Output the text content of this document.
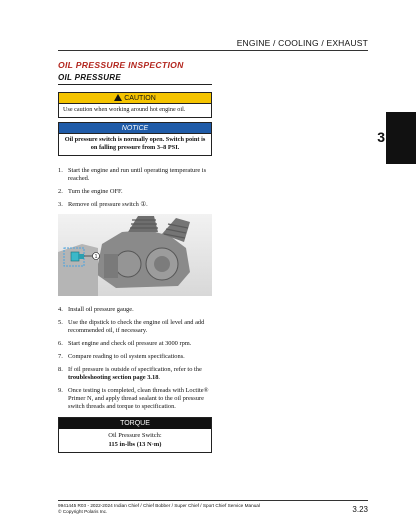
ENGINE / COOLING / EXHAUST
3
OIL PRESSURE INSPECTION
OIL PRESSURE
CAUTION
Use caution when working around hot engine oil.
NOTICE
Oil pressure switch is normally open. Switch point is on falling pressure from 3–8 PSI.
1. Start the engine and run until operating temperature is reached.
2. Turn the engine OFF.
3. Remove oil pressure switch ①.
1
4. Install oil pressure gauge.
5. Use the dipstick to check the engine oil level and add recommended oil, if necessary.
6. Start engine and check oil pressure at 3000 rpm.
7. Compare reading to oil system specifications.
8. If oil pressure is outside of specification, refer to the troubleshooting section page 3.18.
9. Once testing is completed, clean threads with Loctite® Primer N, and apply thread sealant to the oil pressure switch threads and torque to specification.
TORQUE
Oil Pressure Switch:
115 in-lbs (13 N·m)
9941445 R03 - 2022-2024 Indian Chief / Chief Bobber / Super Chief / Sport Chief Service Manual
© Copyright Polaris Inc.	3.23
